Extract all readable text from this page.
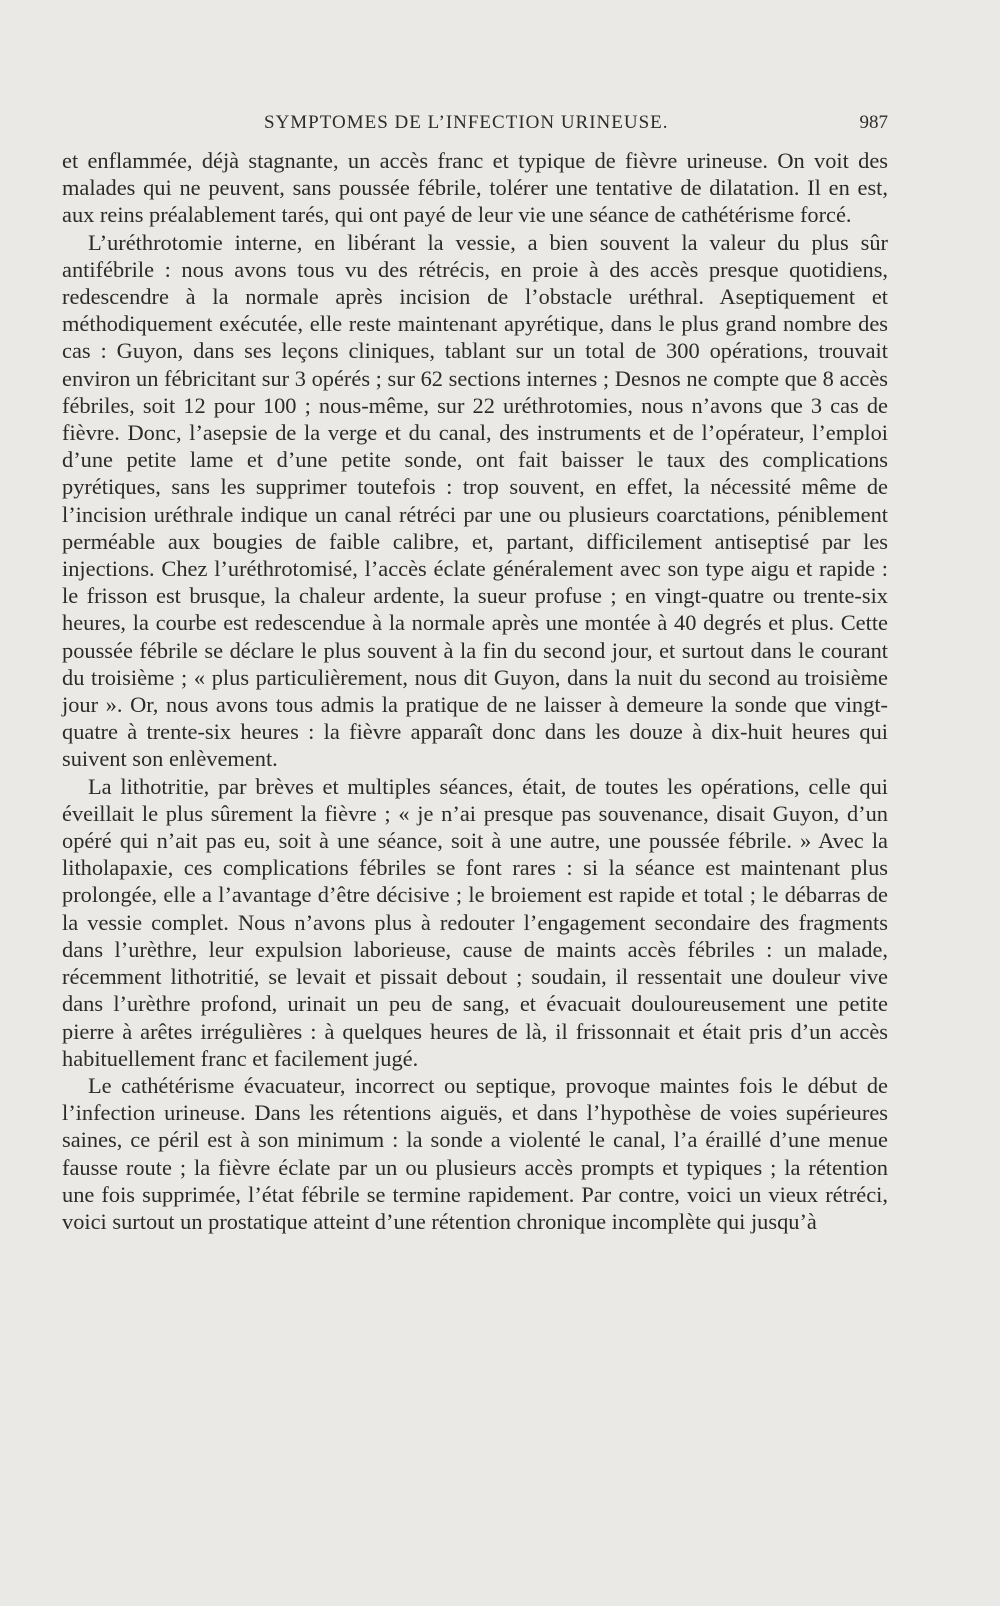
SYMPTOMES DE L’INFECTION URINEUSE.	987

et enflammée, déjà stagnante, un accès franc et typique de fièvre urineuse. On voit des malades qui ne peuvent, sans poussée fébrile, tolérer une tentative de dilatation. Il en est, aux reins préalablement tarés, qui ont payé de leur vie une séance de cathétérisme forcé.

L’uréthrotomie interne, en libérant la vessie, a bien souvent la valeur du plus sûr antifébrile : nous avons tous vu des rétrécis, en proie à des accès presque quotidiens, redescendre à la normale après incision de l’obstacle uréthral. Aseptiquement et méthodiquement exécutée, elle reste maintenant apyrétique, dans le plus grand nombre des cas : Guyon, dans ses leçons cliniques, tablant sur un total de 300 opérations, trouvait environ un fébricitant sur 3 opérés ; sur 62 sections internes ; Desnos ne compte que 8 accès fébriles, soit 12 pour 100 ; nous-même, sur 22 uréthrotomies, nous n’avons que 3 cas de fièvre. Donc, l’asepsie de la verge et du canal, des instruments et de l’opérateur, l’emploi d’une petite lame et d’une petite sonde, ont fait baisser le taux des complications pyrétiques, sans les supprimer toutefois : trop souvent, en effet, la nécessité même de l’incision uréthrale indique un canal rétréci par une ou plusieurs coarctations, péniblement perméable aux bougies de faible calibre, et, partant, difficilement antiseptisé par les injections. Chez l’uréthrotomisé, l’accès éclate généralement avec son type aigu et rapide : le frisson est brusque, la chaleur ardente, la sueur profuse ; en vingt-quatre ou trente-six heures, la courbe est redescendue à la normale après une montée à 40 degrés et plus. Cette poussée fébrile se déclare le plus souvent à la fin du second jour, et surtout dans le courant du troisième ; « plus particulièrement, nous dit Guyon, dans la nuit du second au troisième jour ». Or, nous avons tous admis la pratique de ne laisser à demeure la sonde que vingt-quatre à trente-six heures : la fièvre apparaît donc dans les douze à dix-huit heures qui suivent son enlèvement.

La lithotritie, par brèves et multiples séances, était, de toutes les opérations, celle qui éveillait le plus sûrement la fièvre ; « je n’ai presque pas souvenance, disait Guyon, d’un opéré qui n’ait pas eu, soit à une séance, soit à une autre, une poussée fébrile. » Avec la litholapaxie, ces complications fébriles se font rares : si la séance est maintenant plus prolongée, elle a l’avantage d’être décisive ; le broiement est rapide et total ; le débarras de la vessie complet. Nous n’avons plus à redouter l’engagement secondaire des fragments dans l’urèthre, leur expulsion laborieuse, cause de maints accès fébriles : un malade, récemment lithotritié, se levait et pissait debout ; soudain, il ressentait une douleur vive dans l’urèthre profond, urinait un peu de sang, et évacuait douloureusement une petite pierre à arêtes irrégulières : à quelques heures de là, il frissonnait et était pris d’un accès habituellement franc et facilement jugé.

Le cathétérisme évacuateur, incorrect ou septique, provoque maintes fois le début de l’infection urineuse. Dans les rétentions aiguës, et dans l’hypothèse de voies supérieures saines, ce péril est à son minimum : la sonde a violenté le canal, l’a éraillé d’une menue fausse route ; la fièvre éclate par un ou plusieurs accès prompts et typiques ; la rétention une fois supprimée, l’état fébrile se termine rapidement. Par contre, voici un vieux rétréci, voici surtout un prostatique atteint d’une rétention chronique incomplète qui jusqu’à
